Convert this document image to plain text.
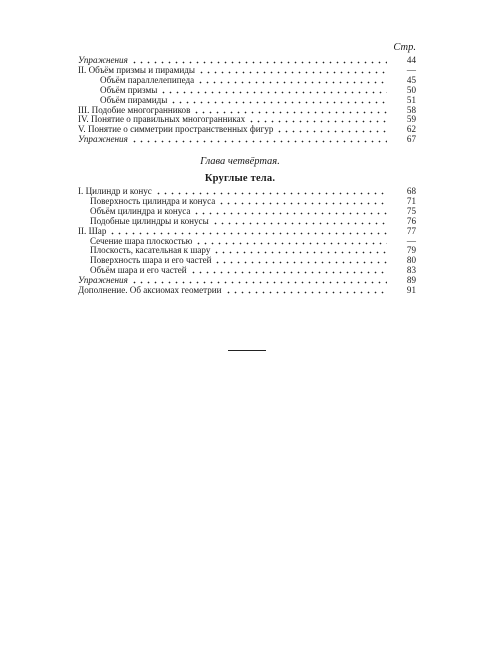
Стр.
Упражнения	44
II. Объём призмы и пирамиды	—
Объём параллелепипеда	45
Объём призмы	50
Объём пирамиды	51
III. Подобие многогранников	58
IV. Понятие о правильных многогранниках	59
V. Понятие о симметрии пространственных фигур	62
Упражнения	67
Глава четвёртая.
Круглые тела.
I. Цилиндр и конус	68
Поверхность цилиндра и конуса	71
Объём цилиндра и конуса	75
Подобные цилиндры и конусы	76
II. Шар	77
Сечение шара плоскостью	—
Плоскость, касательная к шару	79
Поверхность шара и его частей	80
Объём шара и его частей	83
Упражнения	89
Дополнение. Об аксиомах геометрии	91
